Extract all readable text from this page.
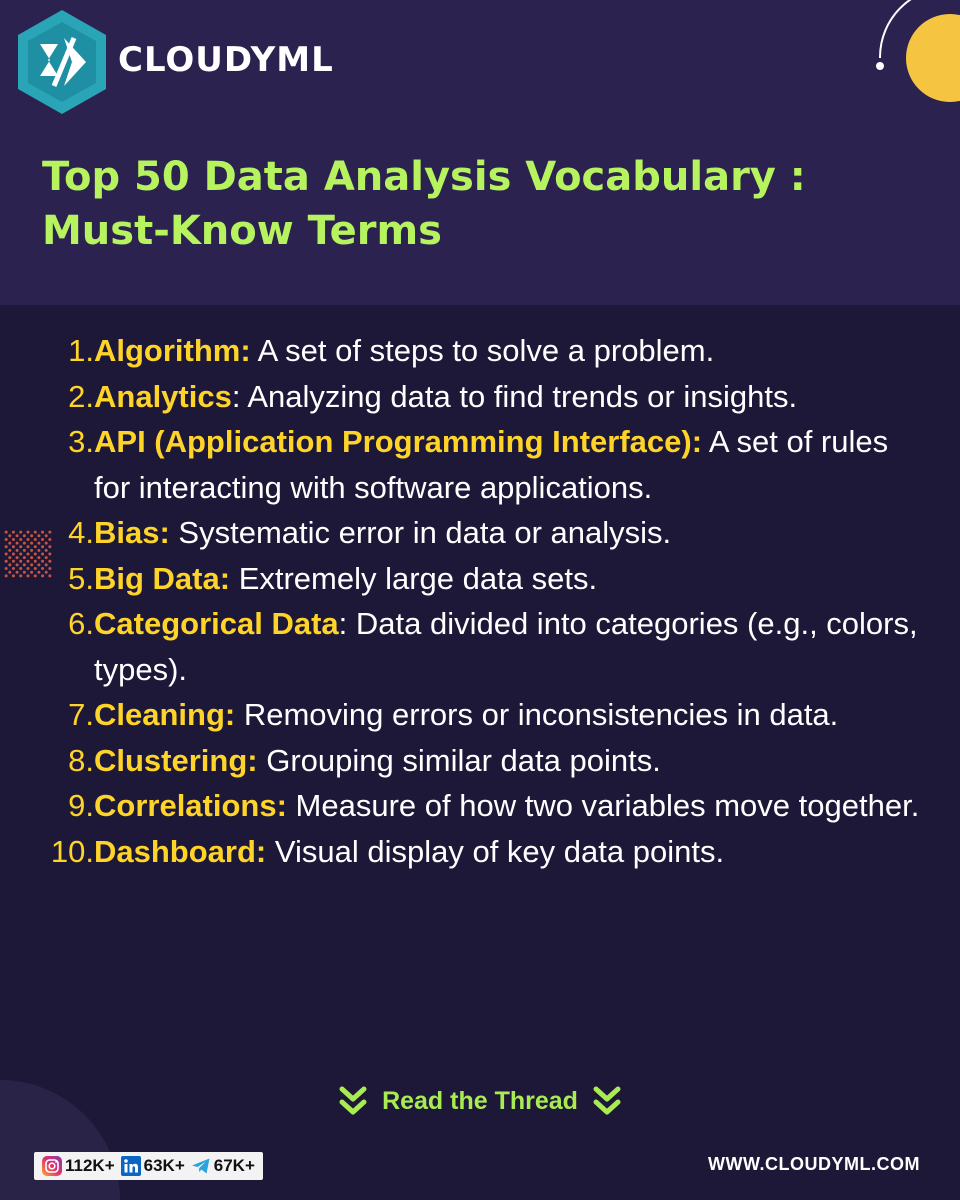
CLOUDYML
Top 50 Data Analysis Vocabulary :
Must-Know Terms
1. Algorithm: A set of steps to solve a problem.
2. Analytics: Analyzing data to find trends or insights.
3. API (Application Programming Interface): A set of rules for interacting with software applications.
4. Bias: Systematic error in data or analysis.
5. Big Data: Extremely large data sets.
6. Categorical Data: Data divided into categories (e.g., colors, types).
7. Cleaning: Removing errors or inconsistencies in data.
8. Clustering: Grouping similar data points.
9. Correlations: Measure of how two variables move together.
10. Dashboard: Visual display of key data points.
Read the Thread
112K+ 63K+ 67K+	WWW.CLOUDYML.COM
